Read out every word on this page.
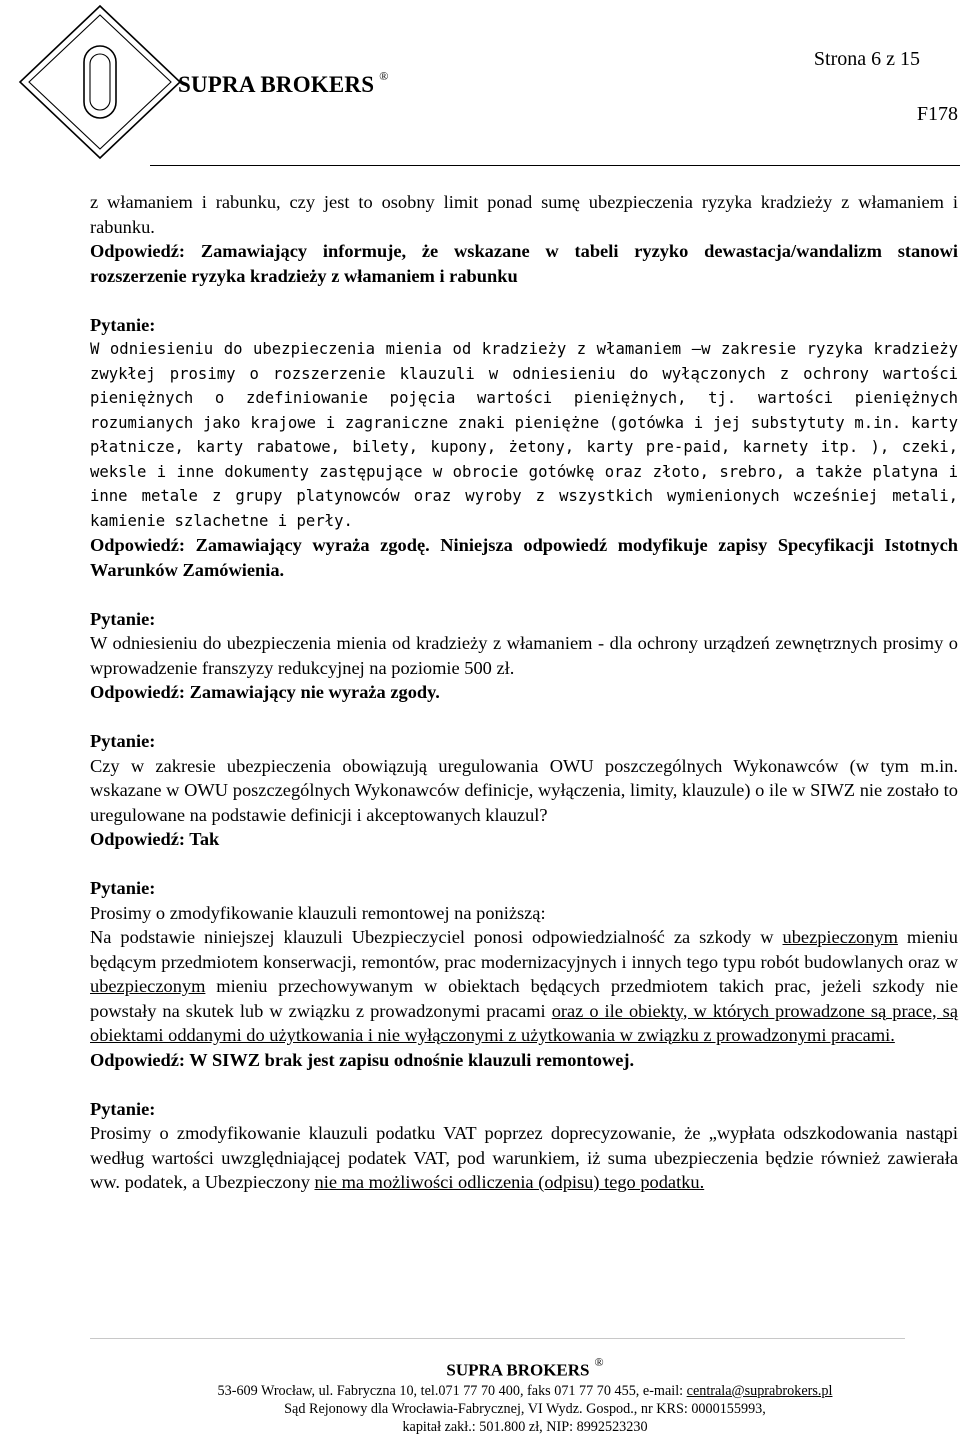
SUPRA BROKERS ®
Strona 6 z 15
F178

z włamaniem i rabunku, czy jest to osobny limit ponad sumę ubezpieczenia ryzyka kradzieży z włamaniem i rabunku.

Odpowiedź: Zamawiający informuje, że wskazane w tabeli ryzyko dewastacja/wandalizm stanowi rozszerzenie ryzyka kradzieży z włamaniem i rabunku

Pytanie:

W odniesieniu do ubezpieczenia mienia od kradzieży z włamaniem –w zakresie ryzyka kradzieży zwykłej prosimy o rozszerzenie klauzuli w odniesieniu do wyłączonych z ochrony wartości pieniężnych o zdefiniowanie pojęcia wartości pieniężnych, tj. wartości pieniężnych rozumianych jako krajowe i zagraniczne znaki pieniężne (gotówka i jej substytuty m.in. karty płatnicze, karty rabatowe, bilety, kupony, żetony, karty pre-paid, karnety itp. ), czeki, weksle i inne dokumenty zastępujące w obrocie gotówkę oraz złoto, srebro, a także platyna i inne metale z grupy platynowców oraz wyroby z wszystkich wymienionych wcześniej metali, kamienie szlachetne i perły.

Odpowiedź: Zamawiający wyraża zgodę. Niniejsza odpowiedź modyfikuje zapisy Specyfikacji Istotnych Warunków Zamówienia.

Pytanie:

W odniesieniu do ubezpieczenia mienia od kradzieży z włamaniem - dla ochrony urządzeń zewnętrznych prosimy o wprowadzenie franszyzy redukcyjnej na poziomie 500 zł.

Odpowiedź: Zamawiający nie wyraża zgody.

Pytanie:

Czy w zakresie ubezpieczenia obowiązują uregulowania OWU poszczególnych Wykonawców (w tym m.in. wskazane w OWU poszczególnych Wykonawców definicje, wyłączenia, limity, klauzule) o ile w SIWZ nie zostało to uregulowane na podstawie definicji i akceptowanych klauzul?

Odpowiedź: Tak

Pytanie:

Prosimy o zmodyfikowanie klauzuli remontowej na poniższą:

Na podstawie niniejszej klauzuli Ubezpieczyciel ponosi odpowiedzialność za szkody w ubezpieczonym mieniu będącym przedmiotem konserwacji, remontów, prac modernizacyjnych i innych tego typu robót budowlanych oraz w ubezpieczonym mieniu przechowywanym w obiektach będących przedmiotem takich prac, jeżeli szkody nie powstały na skutek lub w związku z prowadzonymi pracami oraz o ile obiekty, w których prowadzone są prace, są obiektami oddanymi do użytkowania i nie wyłączonymi z użytkowania w związku z prowadzonymi pracami.

Odpowiedź: W SIWZ brak jest zapisu odnośnie klauzuli remontowej.

Pytanie:

Prosimy o zmodyfikowanie klauzuli podatku VAT poprzez doprecyzowanie, że „wypłata odszkodowania nastąpi według wartości uwzględniającej podatek VAT, pod warunkiem, iż suma ubezpieczenia będzie również zawierała ww. podatek, a Ubezpieczony nie ma możliwości odliczenia (odpisu) tego podatku.

SUPRA BROKERS ®
53-609 Wrocław, ul. Fabryczna 10, tel.071 77 70 400, faks 071 77 70 455, e-mail: centrala@suprabrokers.pl
Sąd Rejonowy dla Wrocławia-Fabrycznej, VI Wydz. Gospod., nr KRS: 0000155993,
kapitał zakł.: 501.800 zł, NIP: 8992523230
